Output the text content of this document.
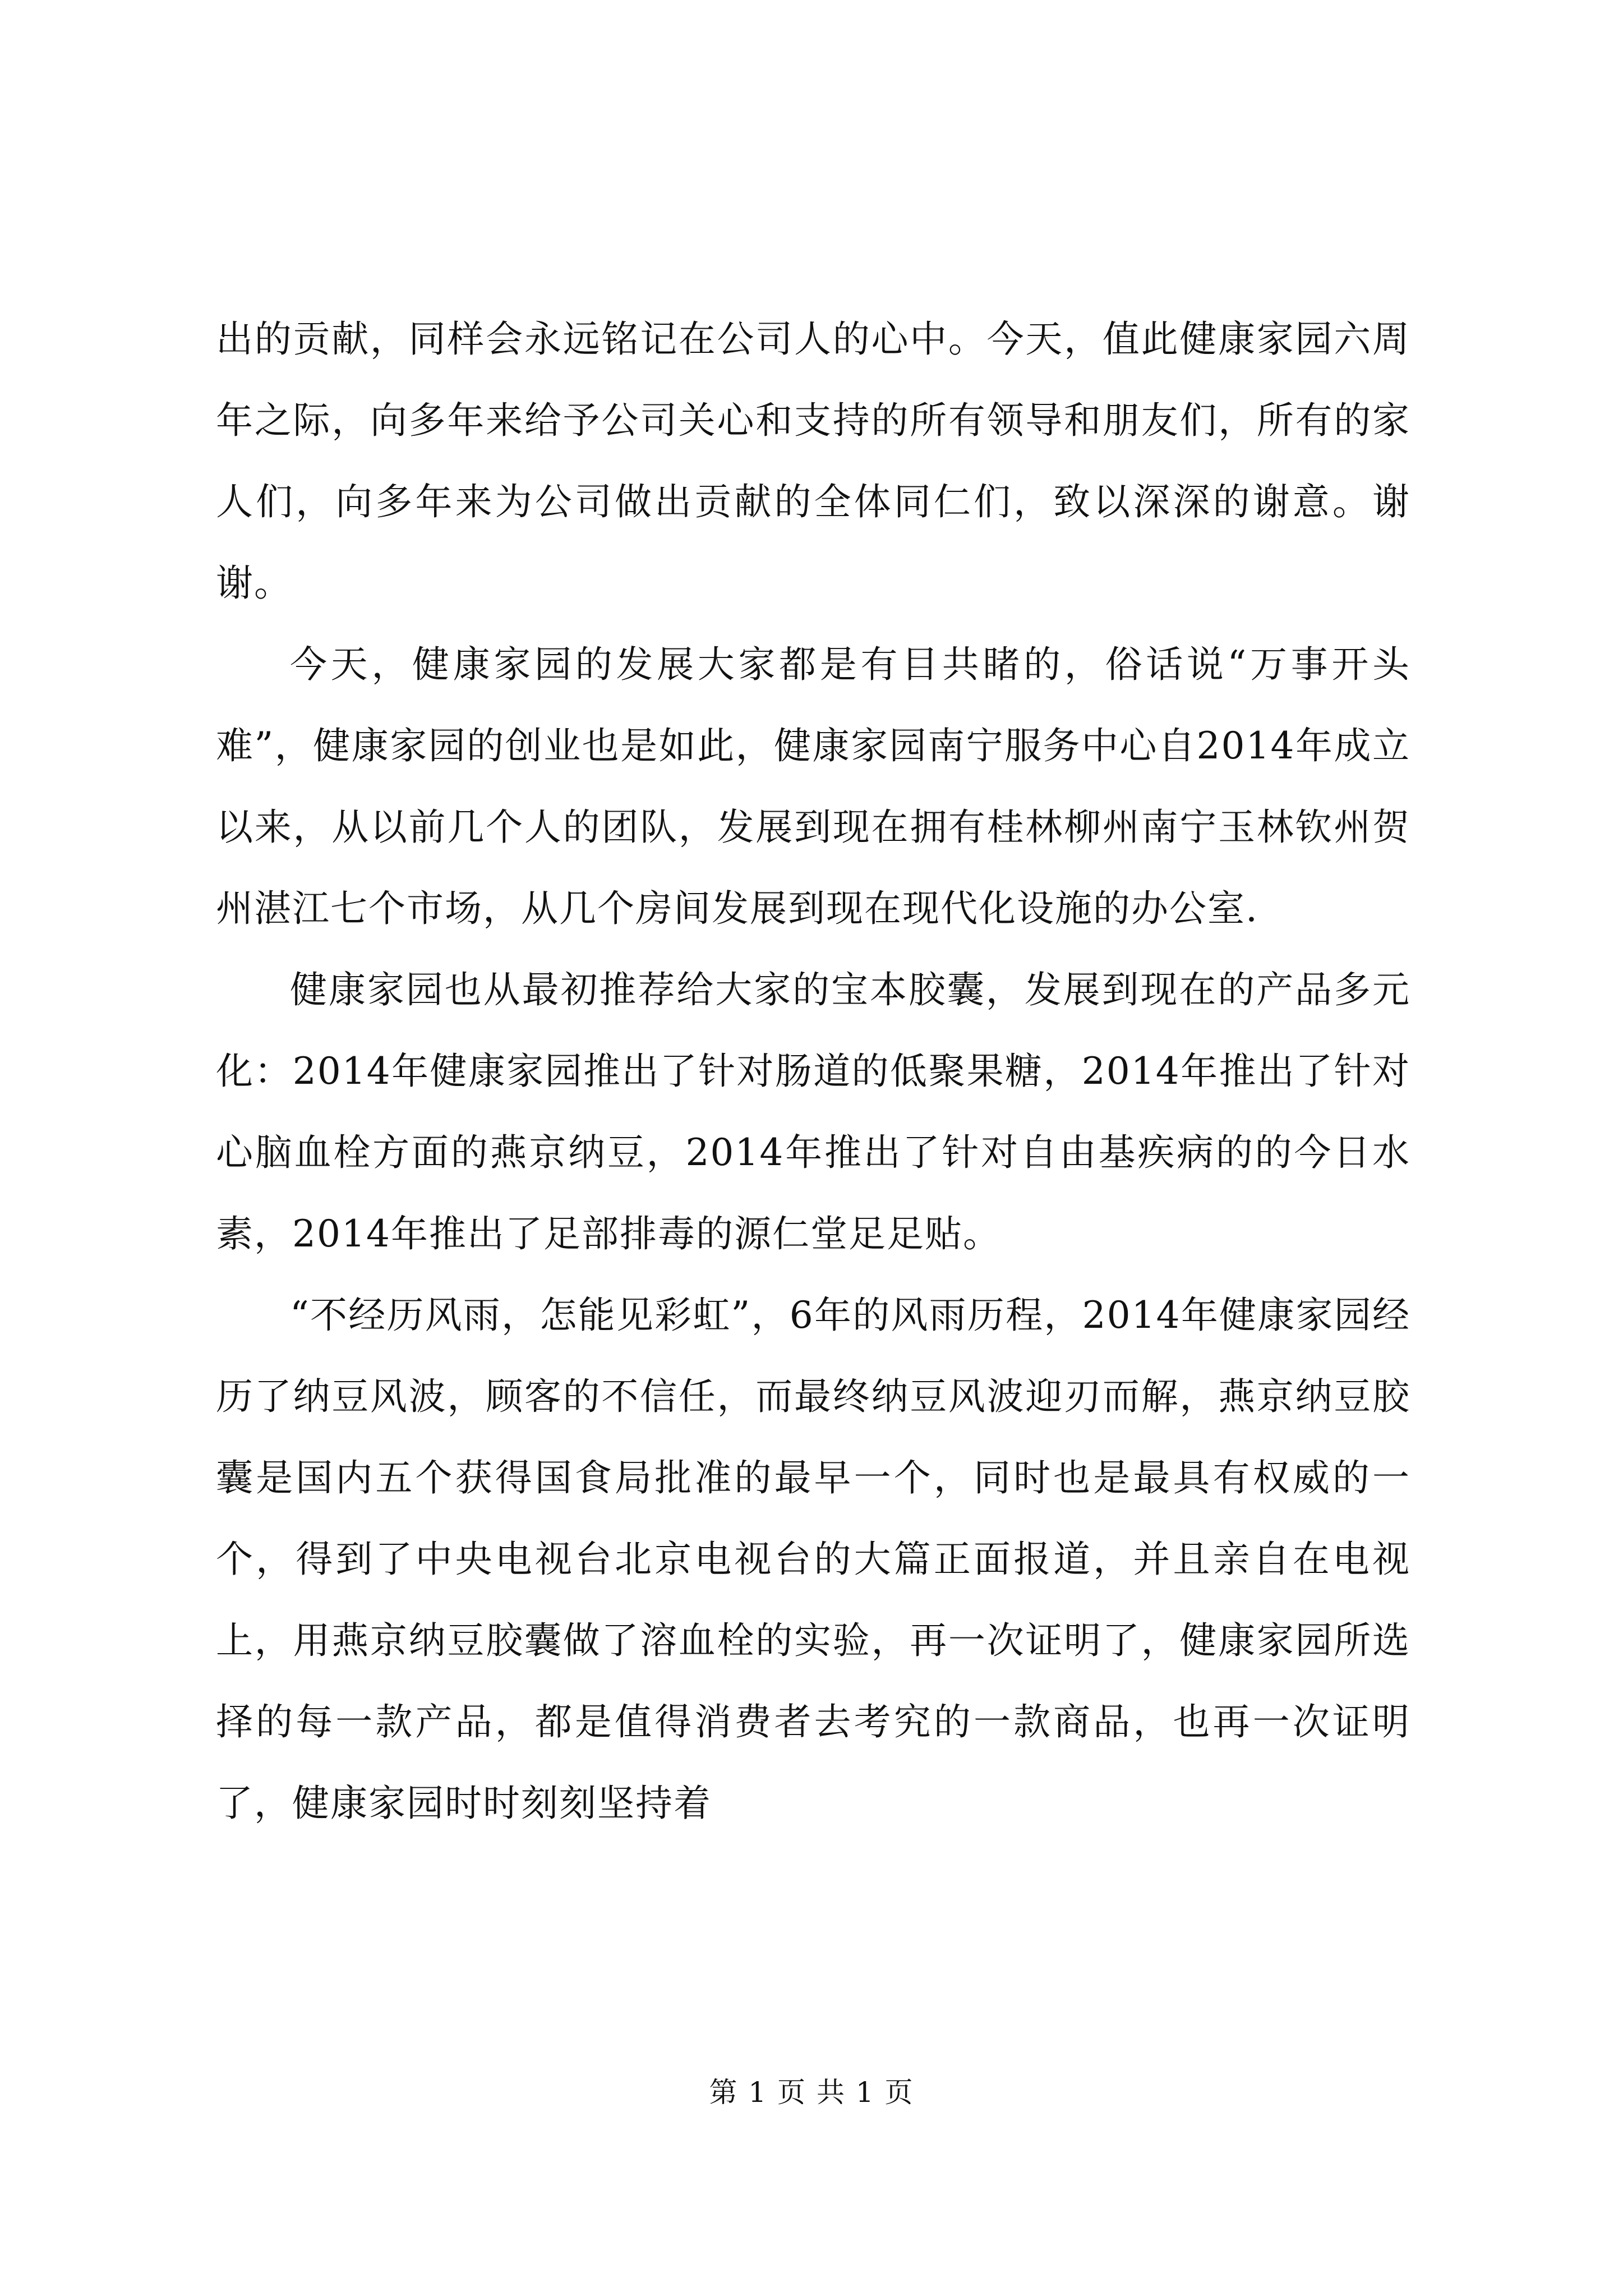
出的贡献，同样会永远铭记在公司人的心中。今天，值此健康家园六周年之际，向多年来给予公司关心和支持的所有领导和朋友们，所有的家人们，向多年来为公司做出贡献的全体同仁们，致以深深的谢意。谢谢。

今天，健康家园的发展大家都是有目共睹的，俗话说“万事开头难”，健康家园的创业也是如此，健康家园南宁服务中心自2014年成立以来，从以前几个人的团队，发展到现在拥有桂林柳州南宁玉林钦州贺州湛江七个市场，从几个房间发展到现在现代化设施的办公室.

健康家园也从最初推荐给大家的宝本胶囊，发展到现在的产品多元化：2014年健康家园推出了针对肠道的低聚果糖，2014年推出了针对心脑血栓方面的燕京纳豆，2014年推出了针对自由基疾病的的今日水素，2014年推出了足部排毒的源仁堂足足贴。

“不经历风雨，怎能见彩虹”，6年的风雨历程，2014年健康家园经历了纳豆风波，顾客的不信任，而最终纳豆风波迎刃而解，燕京纳豆胶囊是国内五个获得国食局批准的最早一个，同时也是最具有权威的一个，得到了中央电视台北京电视台的大篇正面报道，并且亲自在电视上，用燕京纳豆胶囊做了溶血栓的实验，再一次证明了，健康家园所选择的每一款产品，都是值得消费者去考究的一款商品，也再一次证明了，健康家园时时刻刻坚持着

第 1 页 共 1 页
